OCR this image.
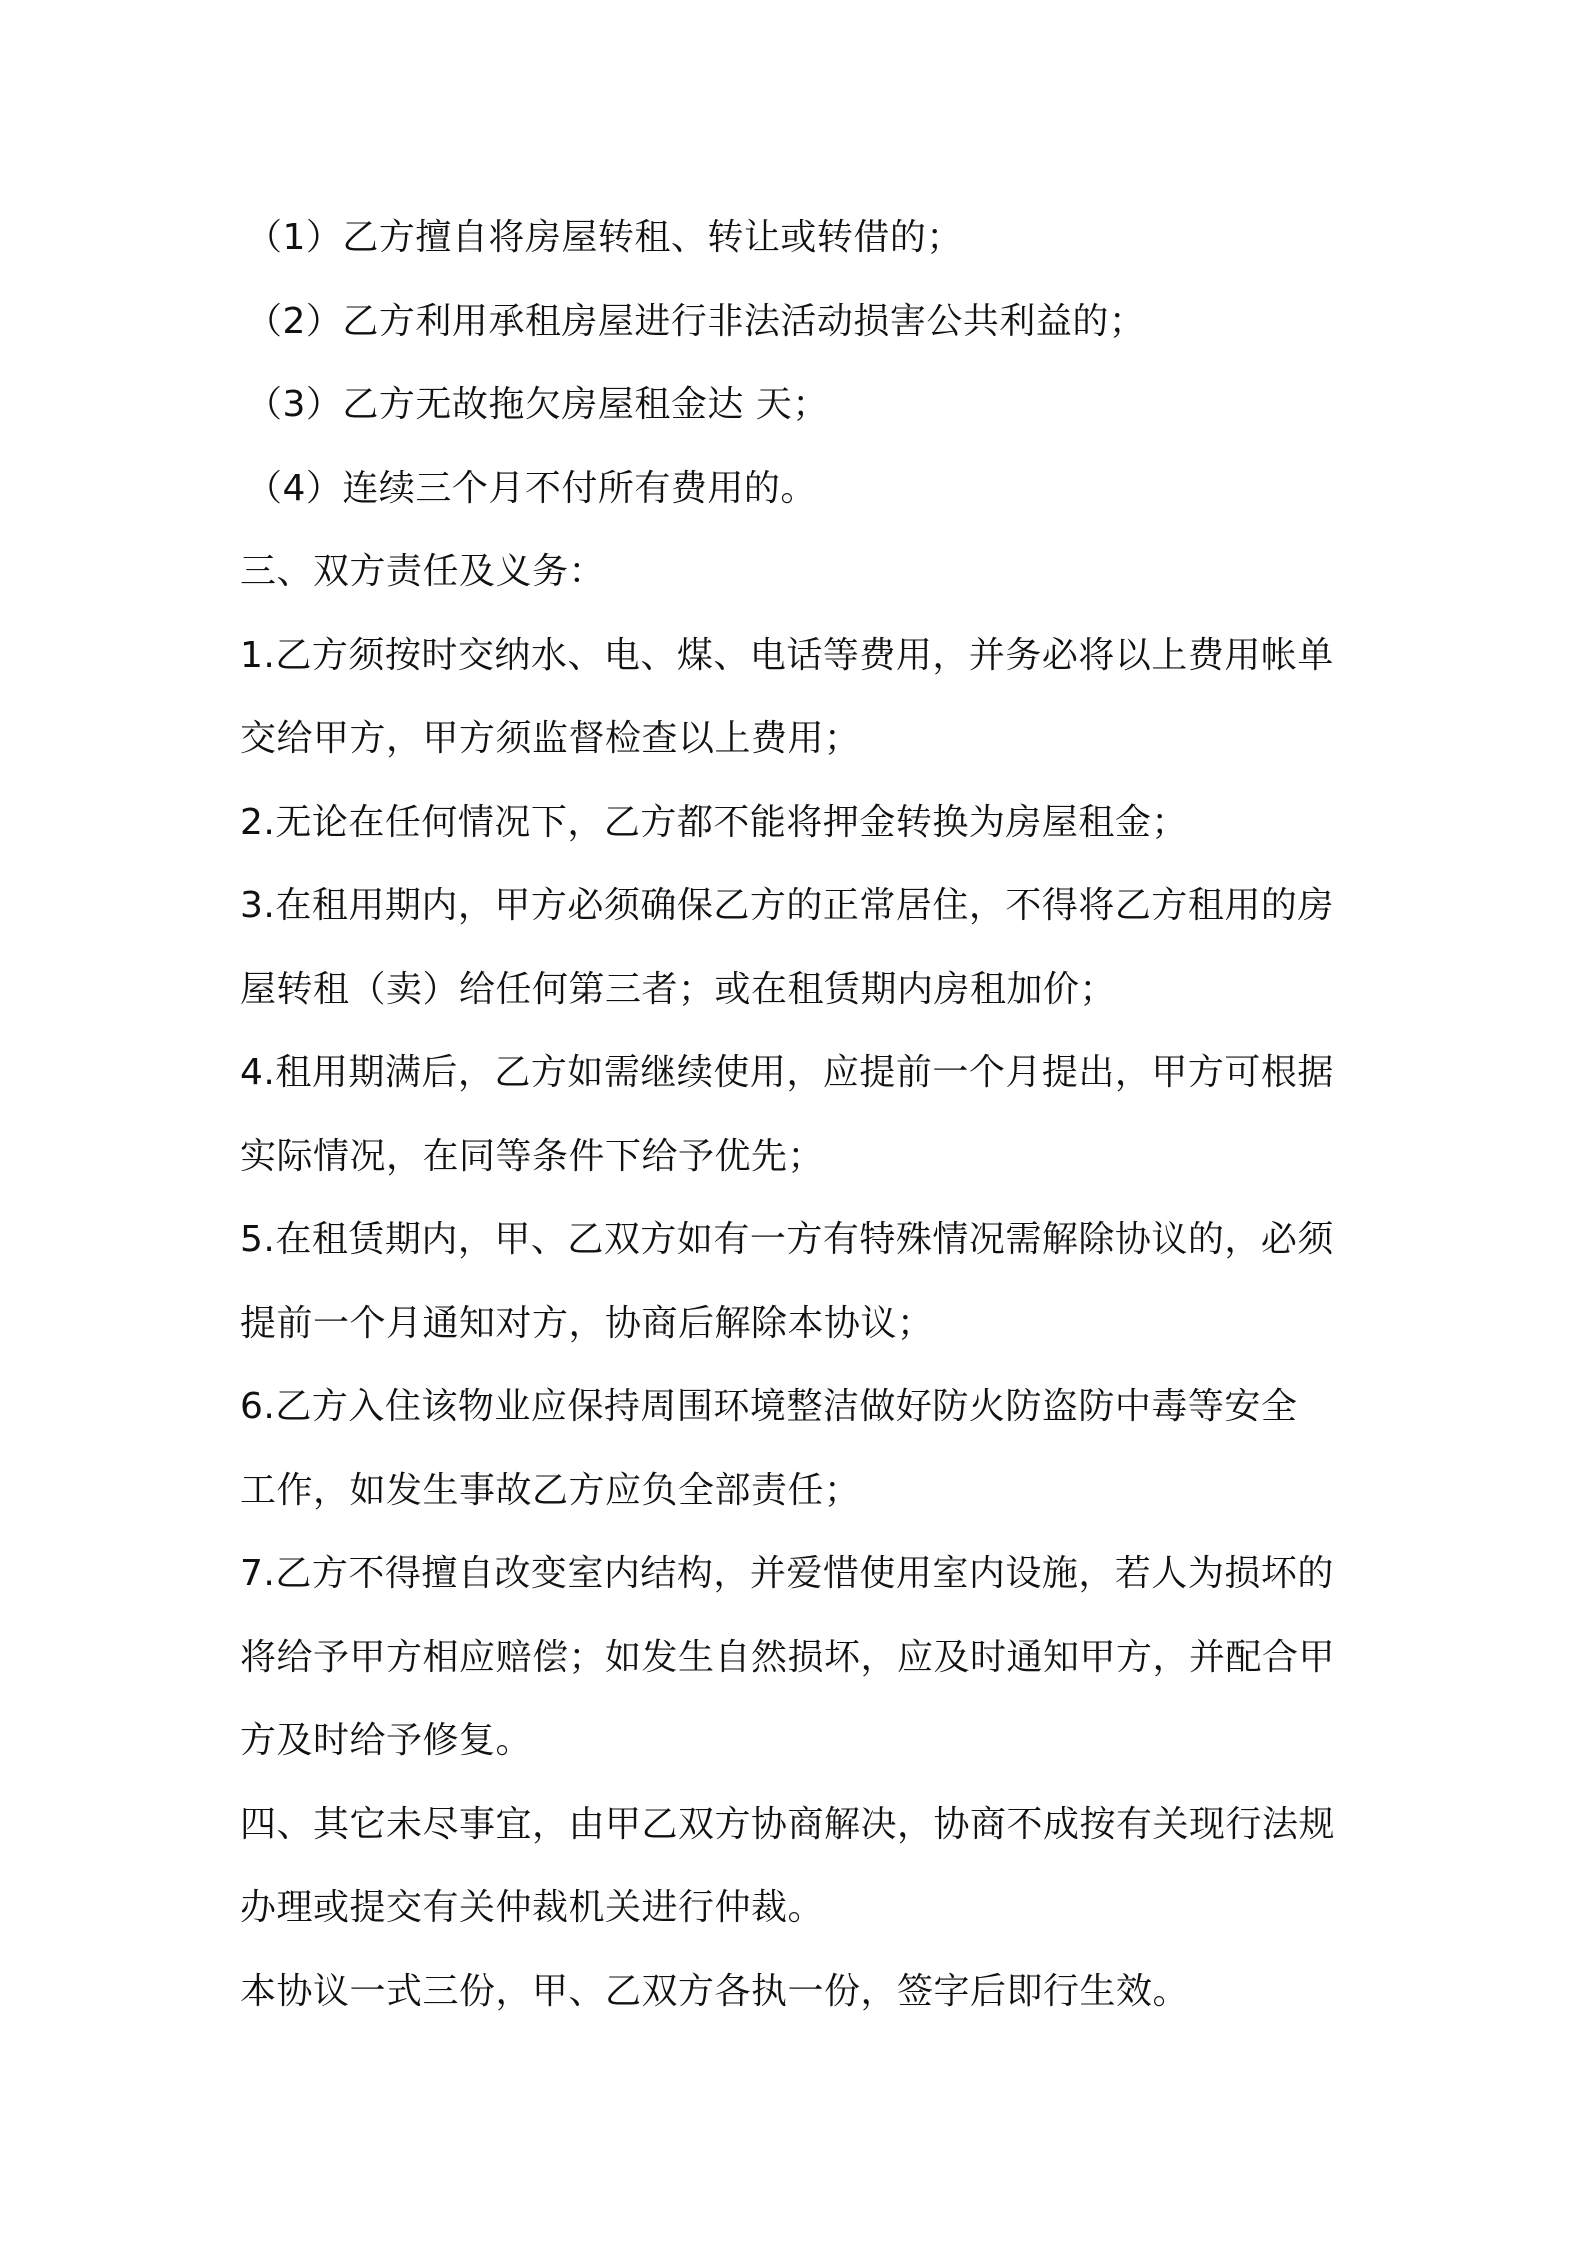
（1）乙方擅自将房屋转租、转让或转借的；
（2）乙方利用承租房屋进行非法活动损害公共利益的；
（3）乙方无故拖欠房屋租金达 天；
（4）连续三个月不付所有费用的。
三、双方责任及义务：
1.乙方须按时交纳水、电、煤、电话等费用，并务必将以上费用帐单
交给甲方，甲方须监督检查以上费用；
2.无论在任何情况下，乙方都不能将押金转换为房屋租金；
3.在租用期内，甲方必须确保乙方的正常居住，不得将乙方租用的房
屋转租（卖）给任何第三者；或在租赁期内房租加价；
4.租用期满后，乙方如需继续使用，应提前一个月提出，甲方可根据
实际情况，在同等条件下给予优先；
5.在租赁期内，甲、乙双方如有一方有特殊情况需解除协议的，必须
提前一个月通知对方，协商后解除本协议；
6.乙方入住该物业应保持周围环境整洁做好防火防盗防中毒等安全
工作，如发生事故乙方应负全部责任；
7.乙方不得擅自改变室内结构，并爱惜使用室内设施，若人为损坏的
将给予甲方相应赔偿；如发生自然损坏，应及时通知甲方，并配合甲
方及时给予修复。
四、其它未尽事宜，由甲乙双方协商解决，协商不成按有关现行法规
办理或提交有关仲裁机关进行仲裁。
本协议一式三份，甲、乙双方各执一份，签字后即行生效。
